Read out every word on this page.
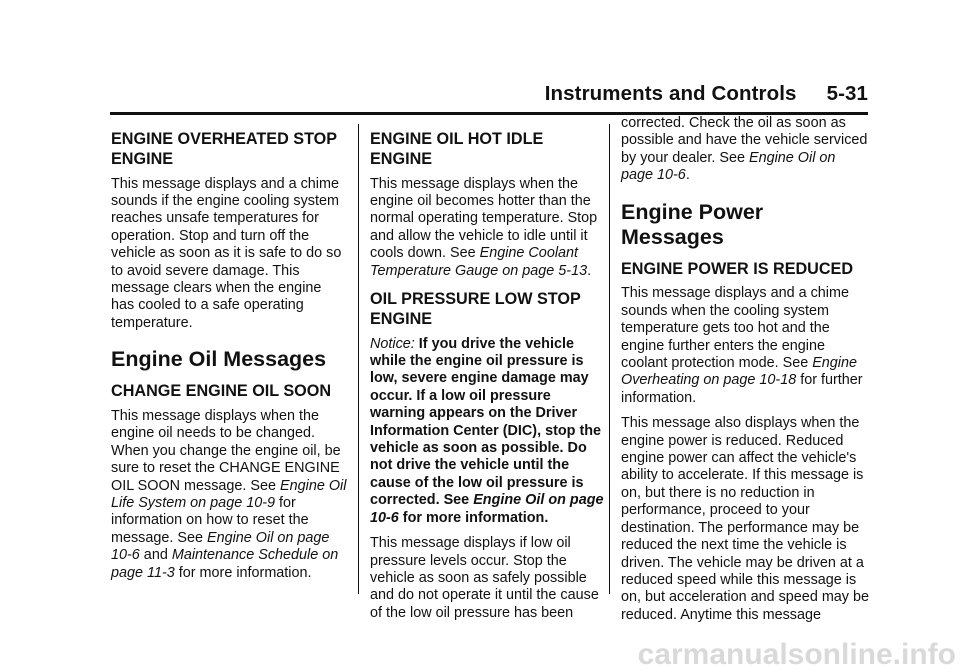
Instruments and Controls 5-31
ENGINE OVERHEATED STOP ENGINE

This message displays and a chime sounds if the engine cooling system reaches unsafe temperatures for operation. Stop and turn off the vehicle as soon as it is safe to do so to avoid severe damage. This message clears when the engine has cooled to a safe operating temperature.

Engine Oil Messages
CHANGE ENGINE OIL SOON

This message displays when the engine oil needs to be changed. When you change the engine oil, be sure to reset the CHANGE ENGINE OIL SOON message. See Engine Oil Life System on page 10-9 for information on how to reset the message. See Engine Oil on page 10-6 and Maintenance Schedule on page 11-3 for more information.

ENGINE OIL HOT IDLE ENGINE

This message displays when the engine oil becomes hotter than the normal operating temperature. Stop and allow the vehicle to idle until it cools down. See Engine Coolant Temperature Gauge on page 5-13.

OIL PRESSURE LOW STOP ENGINE

Notice: If you drive the vehicle while the engine oil pressure is low, severe engine damage may occur. If a low oil pressure warning appears on the Driver Information Center (DIC), stop the vehicle as soon as possible. Do not drive the vehicle until the cause of the low oil pressure is corrected. See Engine Oil on page 10-6 for more information.

This message displays if low oil pressure levels occur. Stop the vehicle as soon as safely possible and do not operate it until the cause of the low oil pressure has been

corrected. Check the oil as soon as possible and have the vehicle serviced by your dealer. See Engine Oil on page 10-6.

Engine Power Messages
ENGINE POWER IS REDUCED

This message displays and a chime sounds when the cooling system temperature gets too hot and the engine further enters the engine coolant protection mode. See Engine Overheating on page 10-18 for further information.

This message also displays when the engine power is reduced. Reduced engine power can affect the vehicle's ability to accelerate. If this message is on, but there is no reduction in performance, proceed to your destination. The performance may be reduced the next time the vehicle is driven. The vehicle may be driven at a reduced speed while this message is on, but acceleration and speed may be reduced. Anytime this message

carmanualsonline.info
